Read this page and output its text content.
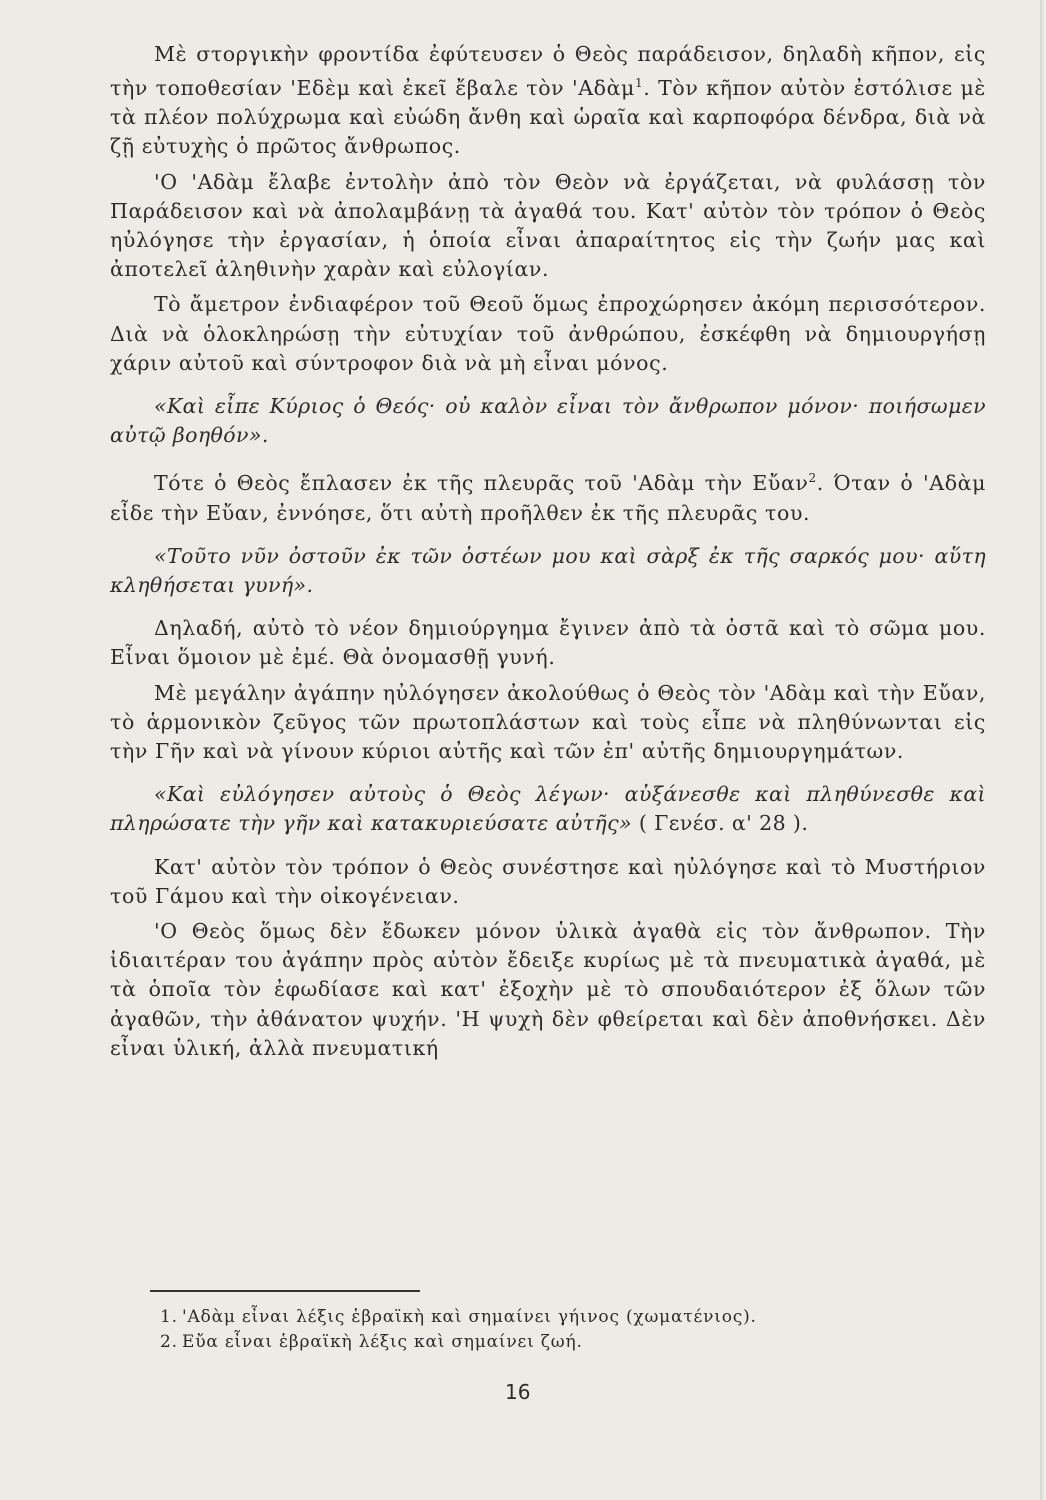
Μὲ στοργικὴν φροντίδα ἐφύτευσεν ὁ Θεὸς παράδεισον, δηλαδὴ κῆπον, εἰς τὴν τοποθεσίαν 'Εδὲμ καὶ ἐκεῖ ἔβαλε τὸν 'Αδὰμ$^1$. Τὸν κῆπον αὐτὸν ἐστόλισε μὲ τὰ πλέον πολύχρωμα καὶ εὐώδη ἄνθη καὶ ὡραῖα καὶ καρποφόρα δένδρα, διὰ νὰ ζῇ εὐτυχὴς ὁ πρῶτος ἄνθρωπος.

'Ο 'Αδὰμ ἔλαβε ἐντολὴν ἀπὸ τὸν Θεὸν νὰ ἐργάζεται, νὰ φυλάσσῃ τὸν Παράδεισον καὶ νὰ ἀπολαμβάνῃ τὰ ἀγαθά του. Κατ' αὐτὸν τὸν τρόπον ὁ Θεὸς ηὐλόγησε τὴν ἐργασίαν, ἡ ὁποία εἶναι ἀπαραίτητος εἰς τὴν ζωήν μας καὶ ἀποτελεῖ ἀληθινὴν χαρὰν καὶ εὐλογίαν.

Τὸ ἄμετρον ἐνδιαφέρον τοῦ Θεοῦ ὅμως ἐπροχώρησεν ἀκόμη περισσότερον. Διὰ νὰ ὁλοκληρώσῃ τὴν εὐτυχίαν τοῦ ἀνθρώπου, ἐσκέφθη νὰ δημιουργήσῃ χάριν αὐτοῦ καὶ σύντροφον διὰ νὰ μὴ εἶναι μόνος.

«Καὶ εἶπε Κύριος ὁ Θεός· οὐ καλὸν εἶναι τὸν ἄνθρωπον μόνον· ποιήσωμεν αὐτῷ βοηθόν».

Τότε ὁ Θεὸς ἔπλασεν ἐκ τῆς πλευρᾶς τοῦ 'Αδὰμ τὴν Εὔαν$^2$. Όταν ὁ 'Αδὰμ εἶδε τὴν Εὔαν, ἐννόησε, ὅτι αὐτὴ προῆλθεν ἐκ τῆς πλευρᾶς του.

«Τοῦτο νῦν ὀστοῦν ἐκ τῶν ὀστέων μου καὶ σὰρξ ἐκ τῆς σαρκός μου· αὕτη κληθήσεται γυνή».

Δηλαδή, αὐτὸ τὸ νέον δημιούργημα ἔγινεν ἀπὸ τὰ ὀστᾶ καὶ τὸ σῶμα μου. Εἶναι ὅμοιον μὲ ἐμέ. Θὰ ὀνομασθῇ γυνή.

Μὲ μεγάλην ἀγάπην ηὐλόγησεν ἀκολούθως ὁ Θεὸς τὸν 'Αδὰμ καὶ τὴν Εὔαν, τὸ ἁρμονικὸν ζεῦγος τῶν πρωτοπλάστων καὶ τοὺς εἶπε νὰ πληθύνωνται εἰς τὴν Γῆν καὶ νὰ γίνουν κύριοι αὐτῆς καὶ τῶν ἐπ' αὐτῆς δημιουργημάτων.

«Καὶ εὐλόγησεν αὐτοὺς ὁ Θεὸς λέγων· αὐξάνεσθε καὶ πληθύνεσθε καὶ πληρώσατε τὴν γῆν καὶ κατακυριεύσατε αὐτῆς» ( Γενέσ. α' 28 ).

Κατ' αὐτὸν τὸν τρόπον ὁ Θεὸς συνέστησε καὶ ηὐλόγησε καὶ τὸ Μυστήριον τοῦ Γάμου καὶ τὴν οἰκογένειαν.

'Ο Θεὸς ὅμως δὲν ἔδωκεν μόνον ὑλικὰ ἀγαθὰ εἰς τὸν ἄνθρωπον. Τὴν ἰδιαιτέραν του ἀγάπην πρὸς αὐτὸν ἔδειξε κυρίως μὲ τὰ πνευματικὰ ἀγαθά, μὲ τὰ ὁποῖα τὸν ἐφωδίασε καὶ κατ' ἐξοχὴν μὲ τὸ σπουδαιότερον ἐξ ὅλων τῶν ἀγαθῶν, τὴν ἀθάνατον ψυχήν. 'Η ψυχὴ δὲν φθείρεται καὶ δὲν ἀποθνήσκει. Δὲν εἶναι ὑλική, ἀλλὰ πνευματική

1. 'Αδὰμ εἶναι λέξις ἑβραϊκὴ καὶ σημαίνει γήινος (χωματένιος).

2. Εὔα εἶναι ἑβραϊκὴ λέξις καὶ σημαίνει ζωή.

16
